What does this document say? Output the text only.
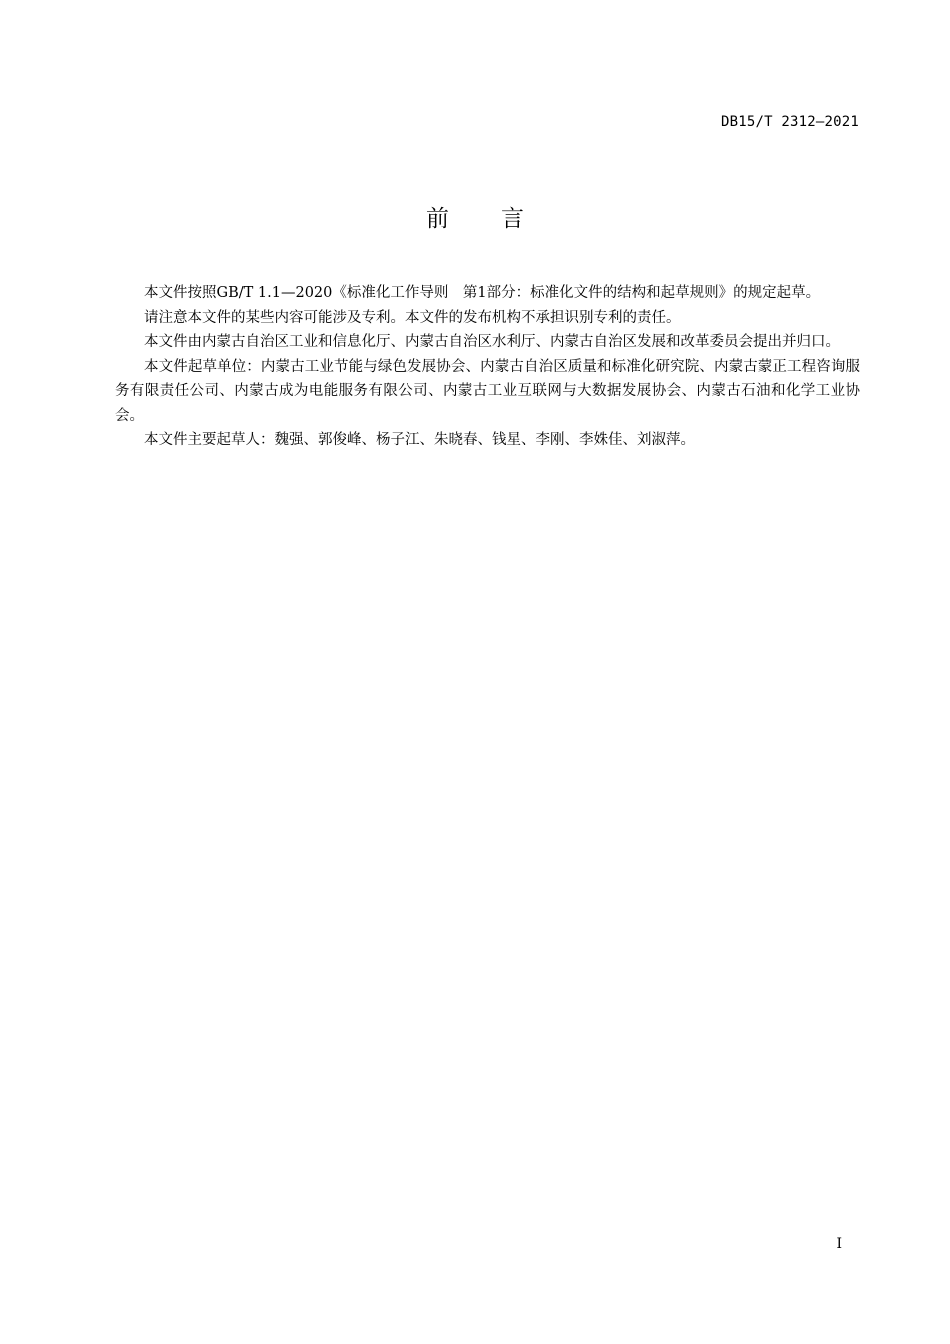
DB15/T 2312—2021
前言

本文件按照GB/T 1.1—2020《标准化工作导则　第1部分：标准化文件的结构和起草规则》的规定起草。

请注意本文件的某些内容可能涉及专利。本文件的发布机构不承担识别专利的责任。

本文件由内蒙古自治区工业和信息化厅、内蒙古自治区水利厅、内蒙古自治区发展和改革委员会提出并归口。

本文件起草单位：内蒙古工业节能与绿色发展协会、内蒙古自治区质量和标准化研究院、内蒙古蒙正工程咨询服务有限责任公司、内蒙古成为电能服务有限公司、内蒙古工业互联网与大数据发展协会、内蒙古石油和化学工业协会。

本文件主要起草人：魏强、郭俊峰、杨子江、朱晓春、钱星、李刚、李姝佳、刘淑萍。

I
